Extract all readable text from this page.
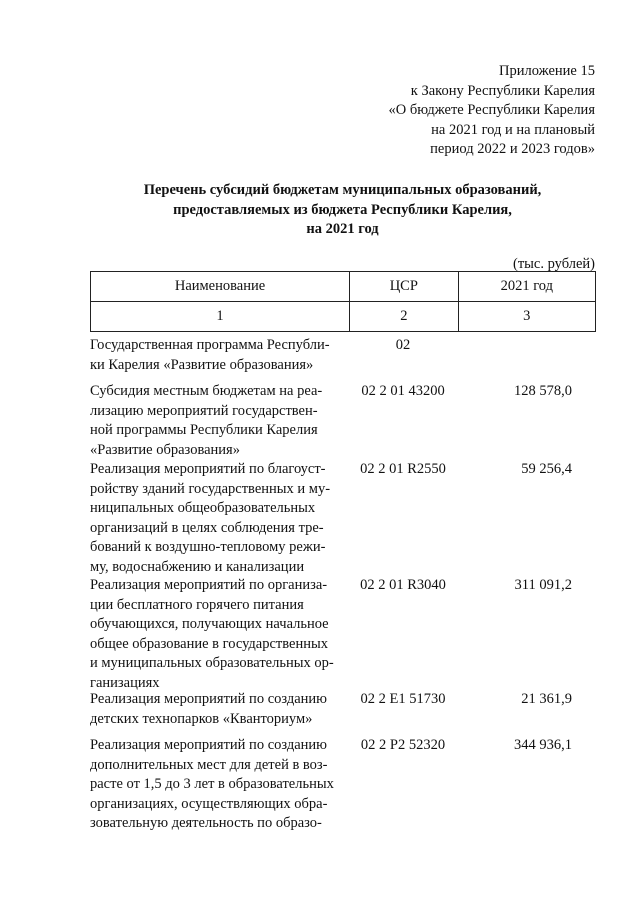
Приложение 15
к Закону Республики Карелия
«О бюджете Республики Карелия
на 2021 год и на плановый
период 2022 и 2023 годов»
Перечень субсидий бюджетам муниципальных образований,
предоставляемых из бюджета Республики Карелия,
на 2021 год
(тыс. рублей)
Наименование	ЦСР	2021 год
1	2	3
Государственная программа Республи-
ки Карелия «Развитие образования»
02
Субсидия местным бюджетам на реа-
лизацию мероприятий государствен-
ной программы Республики Карелия
«Развитие образования»
02 2 01 43200	128 578,0
Реализация мероприятий по благоуст-
ройству зданий государственных и му-
ниципальных общеобразовательных
организаций в целях соблюдения тре-
бований к воздушно-тепловому режи-
му, водоснабжению и канализации
02 2 01 R2550	59 256,4
Реализация мероприятий по организа-
ции бесплатного горячего питания
обучающихся, получающих начальное
общее образование в государственных
и муниципальных образовательных ор-
ганизациях
02 2 01 R3040	311 091,2
Реализация мероприятий по созданию
детских технопарков «Кванториум»
02 2 E1 51730	21 361,9
Реализация мероприятий по созданию
дополнительных мест для детей в воз-
расте от 1,5 до 3 лет в образовательных
организациях, осуществляющих обра-
зовательную деятельность по образо-
02 2 P2 52320	344 936,1
